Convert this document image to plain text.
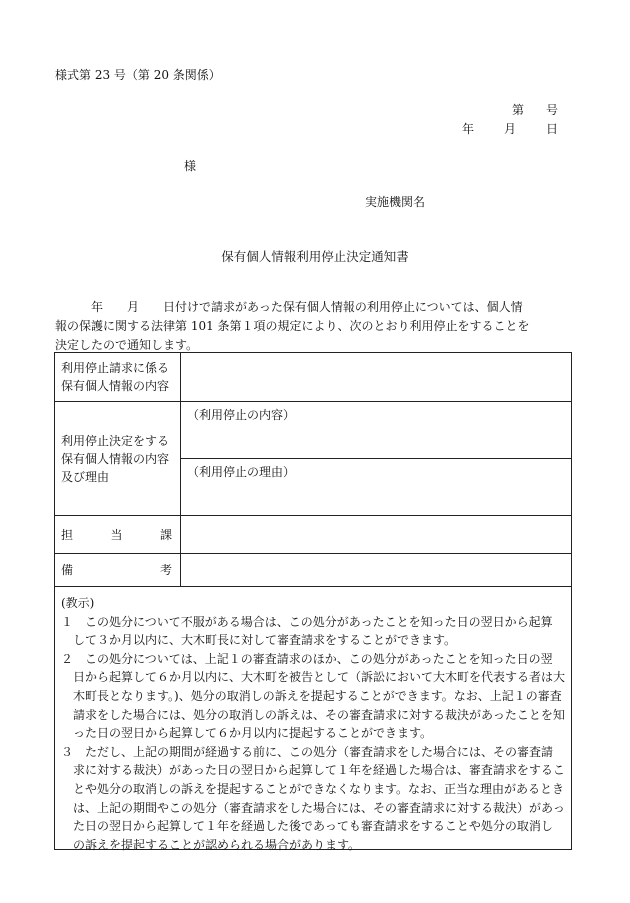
様式第 23 号（第 20 条関係）
第 号
年	月	日
様
実施機関名
保有個人情報利用停止決定通知書
　　　年　　月　　日付けで請求があった保有個人情報の利用停止については、個人情
報の保護に関する法律第 101 条第１項の規定により、次のとおり利用停止をすることを
決定したので通知します。
利用停止請求に係る
保有個人情報の内容	
利用停止決定をする
保有個人情報の内容
及び理由	（利用停止の内容）
	（利用停止の理由）

担 当 課	

備 考	

(教示)
１　この処分について不服がある場合は、この処分があったことを知った日の翌日から起算
　して３か月以内に、大木町長に対して審査請求をすることができます。
２　この処分については、上記１の審査請求のほか、この処分があったことを知った日の翌
　日から起算して６か月以内に、大木町を被告として（訴訟において大木町を代表する者は大
　木町長となります。)、処分の取消しの訴えを提起することができます。なお、上記１の審査
　請求をした場合には、処分の取消しの訴えは、その審査請求に対する裁決があったことを知
　った日の翌日から起算して６か月以内に提起することができます。
３　ただし、上記の期間が経過する前に、この処分（審査請求をした場合には、その審査請
　求に対する裁決）があった日の翌日から起算して１年を経過した場合は、審査請求をするこ
　とや処分の取消しの訴えを提起することができなくなります。なお、正当な理由があるとき
　は、上記の期間やこの処分（審査請求をした場合には、その審査請求に対する裁決）があっ
　た日の翌日から起算して１年を経過した後であっても審査請求をすることや処分の取消し
　の訴えを提起することが認められる場合があります。
